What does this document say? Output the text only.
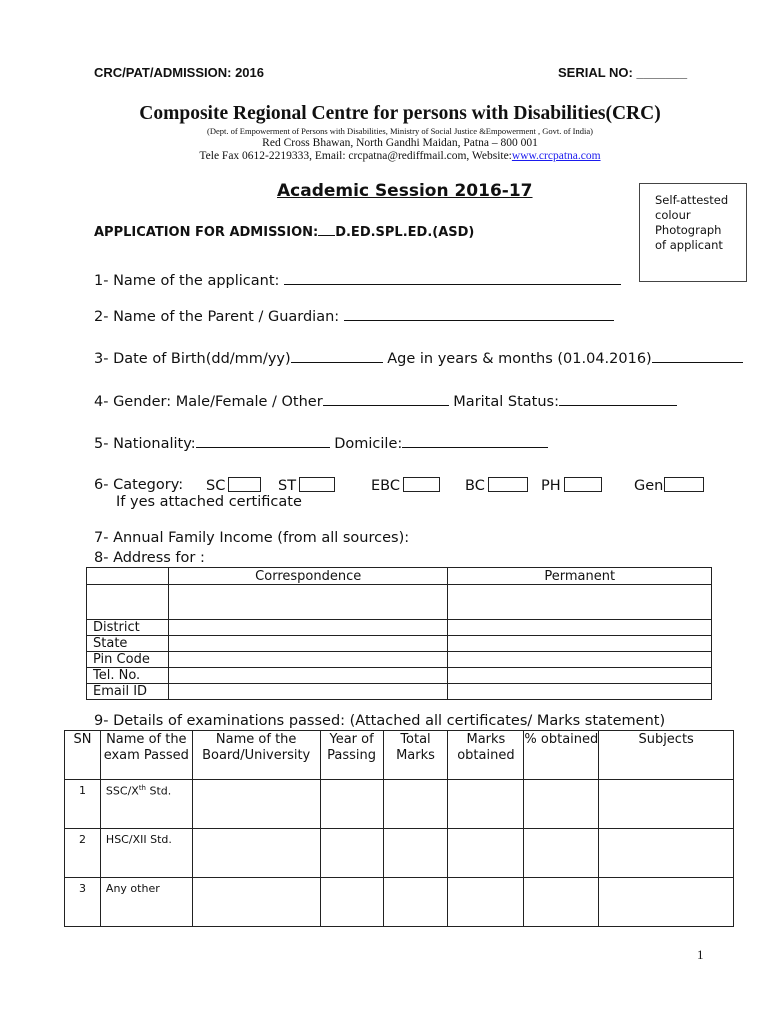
CRC/PAT/ADMISSION: 2016	SERIAL NO: _______
Composite Regional Centre for persons with Disabilities(CRC)
(Dept. of Empowerment of Persons with Disabilities, Ministry of Social Justice &Empowerment , Govt. of India)
Red Cross Bhawan, North Gandhi Maidan, Patna – 800 001
Tele Fax 0612-2219333, Email: crcpatna@rediffmail.com, Website:www.crcpatna.com
Academic Session 2016-17
APPLICATION FOR ADMISSION: D.ED.SPL.ED.(ASD)
Self-attested
colour
Photograph
of applicant
1- Name of the applicant:
2- Name of the Parent / Guardian:
3- Date of Birth(dd/mm/yy)	Age in years & months (01.04.2016)
4- Gender: Male/Female / Other	Marital Status:
5- Nationality:	Domicile:
6- Category: SC	ST	EBC	BC	PH	Gen
If yes attached certificate
7- Annual Family Income (from all sources):
8- Address for :
	Correspondence	Permanent

District		
State		
Pin Code		
Tel. No.		
Email ID		
9- Details of examinations passed: (Attached all certificates/ Marks statement)
SN	Name of the exam Passed	Name of the Board/University	Year of Passing	Total Marks	Marks obtained	% obtained	Subjects
1	SSC/Xth Std.						
2	HSC/XII Std.						
3	Any other						
1
